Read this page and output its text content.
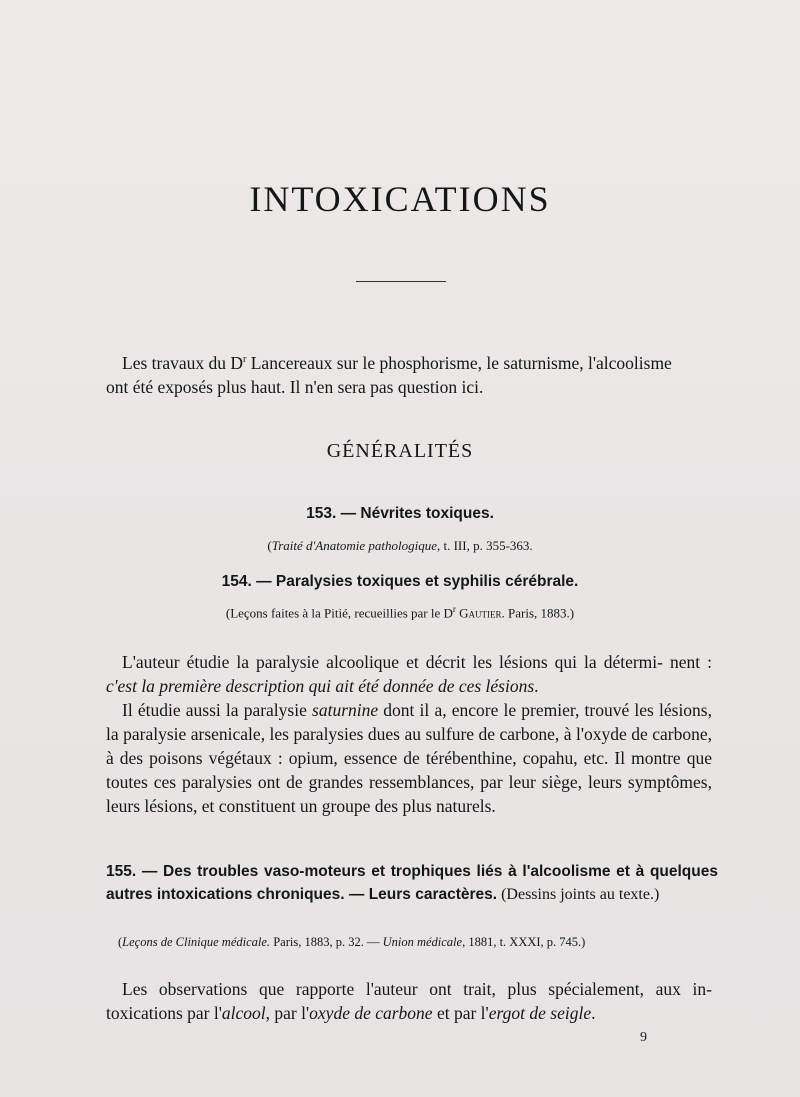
INTOXICATIONS

Les travaux du $D^r$ Lancereaux sur le phosphorisme, le saturnisme, l'alcoolisme
ont été exposés plus haut. Il n'en sera pas question ici.

GÉNÉRALITÉS

153. — Névrites toxiques.

(Traité d'Anatomie pathologique, t. III, p. 355-363.

154. — Paralysies toxiques et syphilis cérébrale.

(Leçons faites à la Pitié, recueillies par le $D^r$ Gautier. Paris, 1883.)

L'auteur étudie la paralysie alcoolique et décrit les lésions qui la détermi- nent : c'est la première description qui ait été donnée de ces lésions.

Il étudie aussi la paralysie saturnine dont il a, encore le premier, trouvé les lésions, la paralysie arsenicale, les paralysies dues au sulfure de carbone, à l'oxyde de carbone, à des poisons végétaux : opium, essence de térébenthine, copahu, etc. Il montre que toutes ces paralysies ont de grandes ressemblances, par leur siège, leurs symptômes, leurs lésions, et constituent un groupe des plus naturels.

155. — Des troubles vaso-moteurs et trophiques liés à l'alcoolisme et à quelques autres intoxications chroniques. — Leurs caractères. (Dessins joints au texte.)

(Leçons de Clinique médicale. Paris, 1883, p. 32. — Union médicale, 1881, t. XXXI, p. 745.)

Les observations que rapporte l'auteur ont trait, plus spécialement, aux in-toxications par l'alcool, par l'oxyde de carbone et par l'ergot de seigle.

9
